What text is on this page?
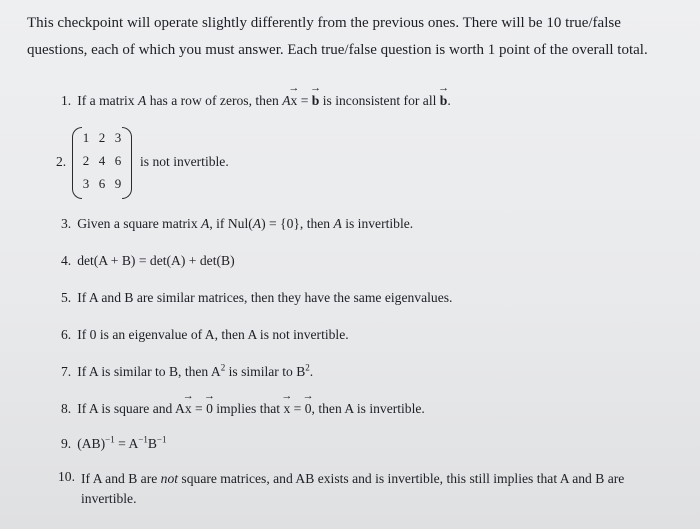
This checkpoint will operate slightly differently from the previous ones. There will be 10 true/false questions, each of which you must answer. Each true/false question is worth 1 point of the overall total.
1. If a matrix A has a row of zeros, then A→ x = → b is inconsistent for all → b.
2.
1 2 3
2 4 6
3 6 9
is not invertible.
3. Given a square matrix A, if Nul(A) = {0}, then A is invertible.
4. det(A + B) = det(A) + det(B)
5. If A and B are similar matrices, then they have the same eigenvalues.
6. If 0 is an eigenvalue of A, then A is not invertible.
7. If A is similar to B, then $A^2$ is similar to $B^2$.
8. If A is square and A→ x = → 0 implies that → x = → 0, then A is invertible.
9. $(AB)^{-1} = A^{-1}B^{-1}$
10. If A and B are not square matrices, and AB exists and is invertible, this still implies that A and B are invertible.
